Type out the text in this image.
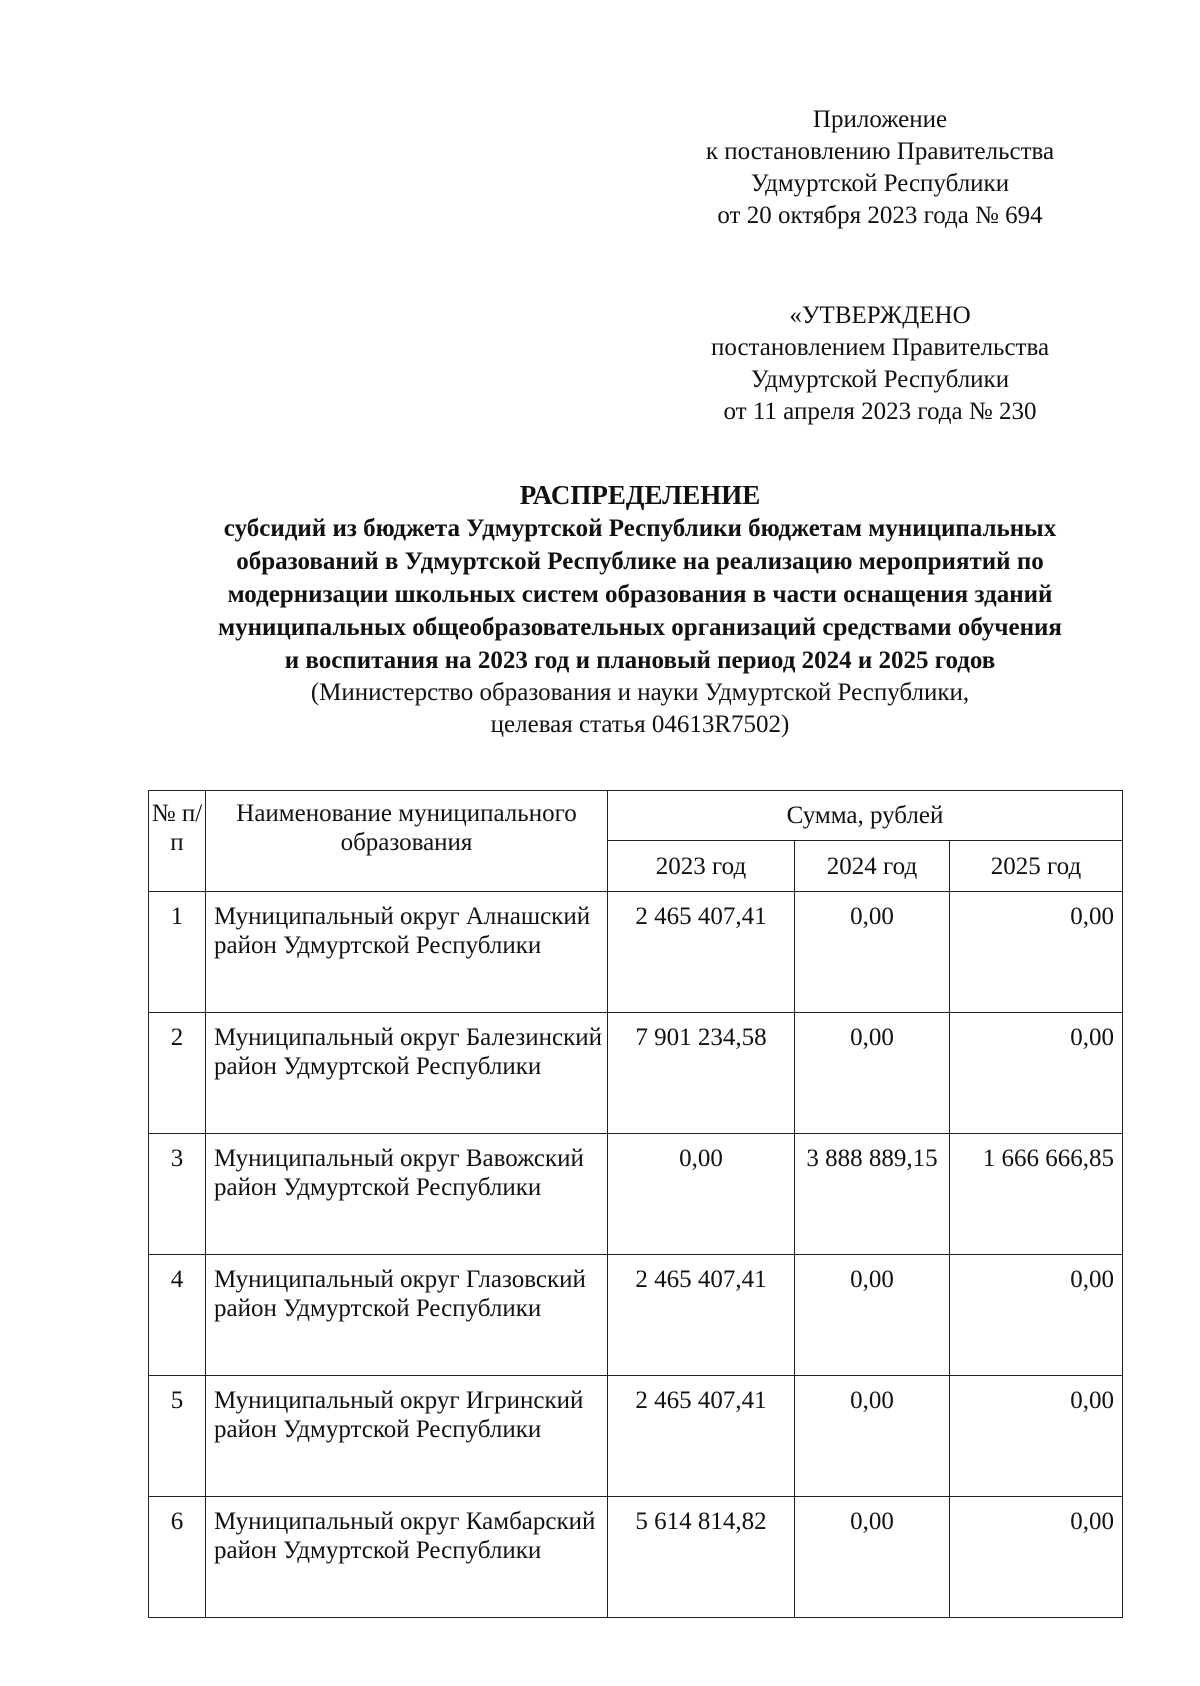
Приложение
к постановлению Правительства
Удмуртской Республики
от 20 октября 2023 года № 694
«УТВЕРЖДЕНО
постановлением Правительства
Удмуртской Республики
от 11 апреля 2023 года № 230
РАСПРЕДЕЛЕНИЕ
субсидий из бюджета Удмуртской Республики бюджетам муниципальных
образований в Удмуртской Республике на реализацию мероприятий по
модернизации школьных систем образования в части оснащения зданий
муниципальных общеобразовательных организаций средствами обучения
и воспитания на 2023 год и плановый период 2024 и 2025 годов
(Министерство образования и науки Удмуртской Республики,
целевая статья 04613R7502)
№ п/п	Наименование муниципального образования	Сумма, рублей		
		2023 год	2024 год	2025 год
1	Муниципальный округ Алнашский район Удмуртской Республики	2 465 407,41	0,00	0,00
2	Муниципальный округ Балезинский район Удмуртской Республики	7 901 234,58	0,00	0,00
3	Муниципальный округ Вавожский район Удмуртской Республики	0,00	3 888 889,15	1 666 666,85
4	Муниципальный округ Глазовский район Удмуртской Республики	2 465 407,41	0,00	0,00
5	Муниципальный округ Игринский район Удмуртской Республики	2 465 407,41	0,00	0,00
6	Муниципальный округ Камбарский район Удмуртской Республики	5 614 814,82	0,00	0,00
